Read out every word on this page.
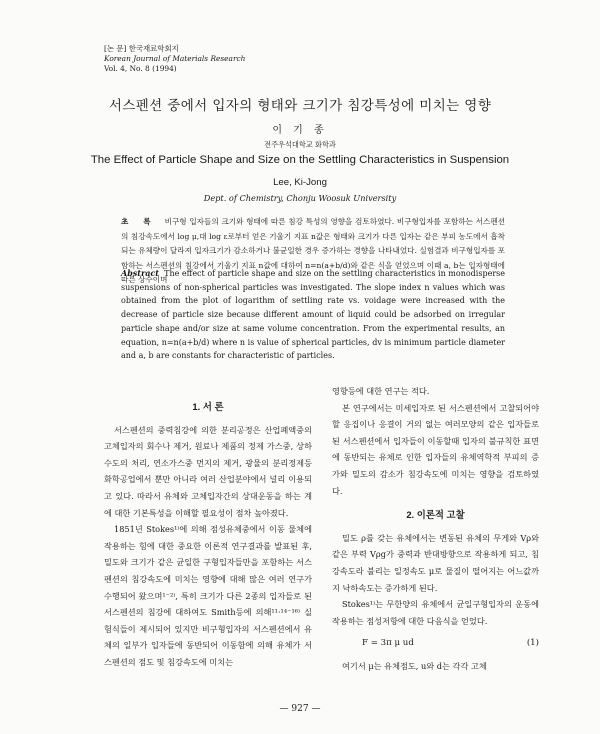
[논 문] 한국재료학회지
Korean Journal of Materials Research
Vol. 4, No. 8 (1994)
서스펜션 중에서 입자의 형태와 크기가 침강특성에 미치는 영향
이 기 종
전주우석대학교 화학과
The Effect of Particle Shape and Size on the Settling Characteristics in Suspension
Lee, Ki-Jong
Dept. of Chemistry, Chonju Woosuk University
초 록 비구형 입자들의 크기와 형태에 따른 침강 특성의 영향을 검토하였다. 비구형입자를 포함하는 서스펜션의 침강속도에서 log μ,대 log ε로부터 얻은 기울기 지표 n값은 형태와 크기가 다른 입자는 같은 부피 농도에서 흡착되는 유체량이 달라져 입자크기가 감소하거나 불균일한 경우 증가하는 경향을 나타내었다. 실험결과 비구형입자를 포함하는 서스펜션의 침강에서 기울기 지표 n값에 대하여 n=n(a+b/d)와 같은 식을 얻었으며 이때 a, b는 입자형태에 따른 상수이며
Abstract The effect of particle shape and size on the settling characteristics in monodisperse suspensions of non-spherical particles was investigated. The slope index n values which was obtained from the plot of logarithm of settling rate vs. voidage were increased with the decrease of particle size because different amount of liquid could be adsorbed on irregular particle shape and/or size at same volume concentration. From the experimental results, an equation, n=n(a+b/d) where n is value of spherical particles, dv is minimum particle diameter and a, b are constants for characteristic of particles.
1. 서 론

서스펜션의 중력침강에 의한 분리공정은 산업폐액중의 고체입자의 회수나 제거, 원료나 제품의 정제 가스중, 상하수도의 처리, 연소가스중 먼지의 제거, 광물의 분리정제등 화학공업에서 뿐만 아니라 여러 산업분야에서 널리 이용되고 있다. 따라서 유체와 고체입자간의 상대운동을 하는 계에 대한 기본특성을 이해할 필요성이 점차 높아졌다.

1851년 Stokes¹⁾에 의해 점성유체중에서 이동 물체에 작용하는 힘에 대한 중요한 이론적 연구결과를 발표된 후, 밀도와 크기가 같은 균일한 구형입자들만을 포함하는 서스펜션의 침강속도에 미치는 영향에 대해 많은 여러 연구가 수행되어 왔으며¹⁻²⁾, 특히 크기가 다른 2종의 입자들로 된 서스펜션의 침강에 대하여도 Smith등에 의해¹¹·¹⁴⁻¹⁶⁾ 실험식들이 제시되어 있지만 비구형입자의 서스펜션에서 유체의 일부가 입자들에 동반되어 이동함에 의해 유체가 서스펜션의 점도 및 침강속도에 미치는

영향등에 대한 연구는 적다.

본 연구에서는 미세입자로 된 서스펜션에서 고찰되어야 할 응집이나 응결이 거의 없는 여러모양의 같은 입자들로 된 서스펜션에서 입자들이 이동할때 입자의 불규칙한 표면에 동반되는 유체로 인한 입자들의 유체역학적 부피의 증가와 밀도의 감소가 침강속도에 미치는 영향을 검토하였다.

2. 이론적 고찰

밀도 ρ를 갖는 유체에서는 변동된 유체의 무게와 Vρ와 같은 부력 Vρg가 중력과 반대방향으로 작용하게 되고, 침강속도라 불리는 일정속도 μ로 물질이 떨어지는 어느값까지 낙하속도는 증가하게 된다.

Stokes¹⁾는 무한양의 유체에서 균일구형입자의 운동에 작용하는 점성저항에 대한 다음식을 얻었다.

F = 3π μ ud	(1)

여기서 μ는 유체점도, u와 d는 각각 고체

— 927 —
